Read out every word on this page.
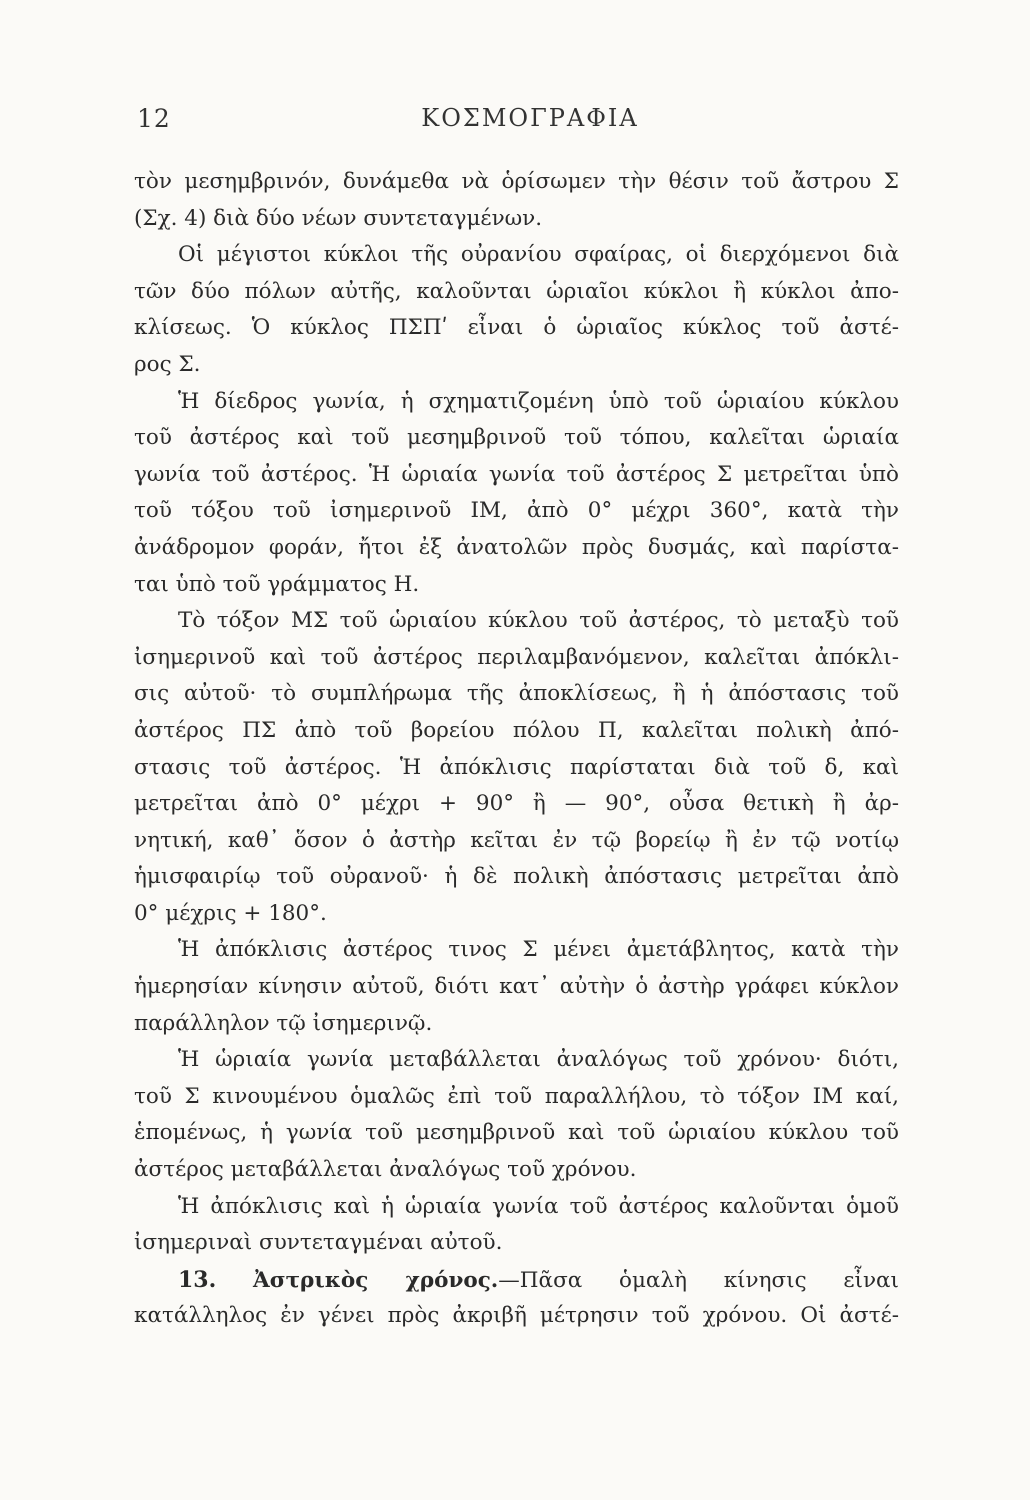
12	ΚΟΣΜΟΓΡΑΦΙΑ
τὸν μεσημβρινόν, δυνάμεθα νὰ ὁρίσωμεν τὴν θέσιν τοῦ ἄστρου Σ
(Σχ. 4) διὰ δύο νέων συντεταγμένων.
Οἱ μέγιστοι κύκλοι τῆς οὐρανίου σφαίρας, οἱ διερχόμενοι διὰ
τῶν δύο πόλων αὐτῆς, καλοῦνται ὡριαῖοι κύκλοι ἢ κύκλοι ἀπο-
κλίσεως. Ὁ κύκλος ΠΣΠʹ εἶναι ὁ ὡριαῖος κύκλος τοῦ ἀστέ-
ρος Σ.
Ἡ δίεδρος γωνία, ἡ σχηματιζομένη ὑπὸ τοῦ ὡριαίου κύκλου
τοῦ ἀστέρος καὶ τοῦ μεσημβρινοῦ τοῦ τόπου, καλεῖται ὡριαία
γωνία τοῦ ἀστέρος. Ἡ ὡριαία γωνία τοῦ ἀστέρος Σ μετρεῖται ὑπὸ
τοῦ τόξου τοῦ ἰσημερινοῦ ΙΜ, ἀπὸ 0° μέχρι 360°, κατὰ τὴν
ἀνάδρομον φοράν, ἤτοι ἐξ ἀνατολῶν πρὸς δυσμάς, καὶ παρίστα-
ται ὑπὸ τοῦ γράμματος Η.
Τὸ τόξον ΜΣ τοῦ ὡριαίου κύκλου τοῦ ἀστέρος, τὸ μεταξὺ τοῦ
ἰσημερινοῦ καὶ τοῦ ἀστέρος περιλαμβανόμενον, καλεῖται ἀπόκλι-
σις αὐτοῦ· τὸ συμπλήρωμα τῆς ἀποκλίσεως, ἢ ἡ ἀπόστασις τοῦ
ἀστέρος ΠΣ ἀπὸ τοῦ βορείου πόλου Π, καλεῖται πολικὴ ἀπό-
στασις τοῦ ἀστέρος. Ἡ ἀπόκλισις παρίσταται διὰ τοῦ δ, καὶ
μετρεῖται ἀπὸ 0° μέχρι + 90° ἢ — 90°, οὖσα θετικὴ ἢ ἀρ-
νητική, καθ᾽ ὅσον ὁ ἀστὴρ κεῖται ἐν τῷ βορείῳ ἢ ἐν τῷ νοτίῳ
ἡμισφαιρίῳ τοῦ οὐρανοῦ· ἡ δὲ πολικὴ ἀπόστασις μετρεῖται ἀπὸ
0° μέχρις + 180°.
Ἡ ἀπόκλισις ἀστέρος τινος Σ μένει ἀμετάβλητος, κατὰ τὴν
ἡμερησίαν κίνησιν αὐτοῦ, διότι κατ᾽ αὐτὴν ὁ ἀστὴρ γράφει κύκλον
παράλληλον τῷ ἰσημερινῷ.
Ἡ ὡριαία γωνία μεταβάλλεται ἀναλόγως τοῦ χρόνου· διότι,
τοῦ Σ κινουμένου ὁμαλῶς ἐπὶ τοῦ παραλλήλου, τὸ τόξον ΙΜ καί,
ἑπομένως, ἡ γωνία τοῦ μεσημβρινοῦ καὶ τοῦ ὡριαίου κύκλου τοῦ
ἀστέρος μεταβάλλεται ἀναλόγως τοῦ χρόνου.
Ἡ ἀπόκλισις καὶ ἡ ὡριαία γωνία τοῦ ἀστέρος καλοῦνται ὁμοῦ
ἰσημεριναὶ συντεταγμέναι αὐτοῦ.
13. Ἀστρικὸς χρόνος.—Πᾶσα ὁμαλὴ κίνησις εἶναι
κατάλληλος ἐν γένει πρὸς ἀκριβῆ μέτρησιν τοῦ χρόνου. Οἱ ἀστέ-
